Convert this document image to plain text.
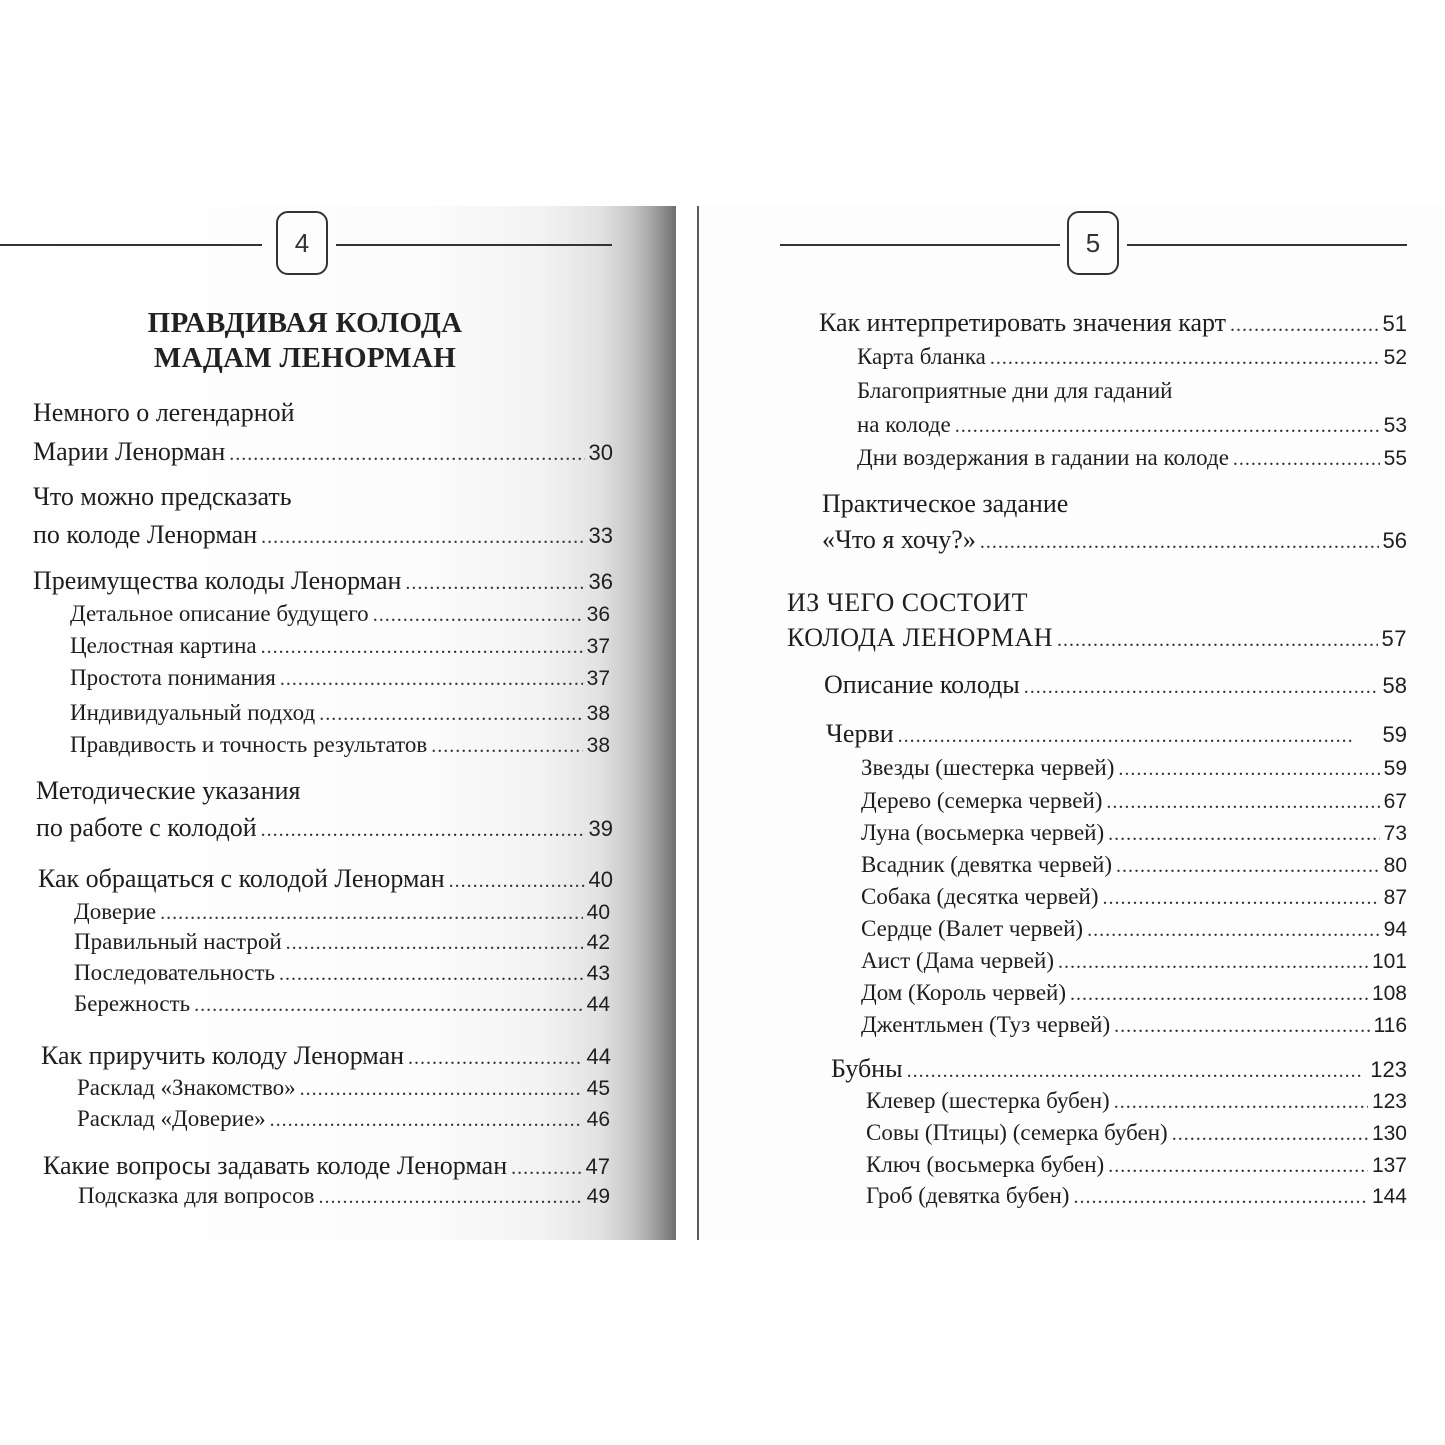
4
ПРАВДИВАЯ КОЛОДА
МАДАМ ЛЕНОРМАН
Немного о легендарной
Марии Ленорман . . .	30
Что можно предсказать
по колоде Ленорман . . .	33
Преимущества колоды Ленорман . . .	36
Детальное описание будущего . . .	36
Целостная картина . . .	37
Простота понимания . . .	37
Индивидуальный подход . . .	38
Правдивость и точность результатов . . .	38
Методические указания
по работе с колодой . . .	39
Как обращаться с колодой Ленорман . . .	40
Доверие . . .	40
Правильный настрой . . .	42
Последовательность . . .	43
Бережность . . .	44
Как приручить колоду Ленорман . . .	44
Расклад «Знакомство» . . .	45
Расклад «Доверие» . . .	46
Какие вопросы задавать колоде Ленорман . . .	47
Подсказка для вопросов . . .	49
5
Как интерпретировать значения карт . . .	51
Карта бланка . . .	52
Благоприятные дни для гаданий
на колоде . . .	53
Дни воздержания в гадании на колоде . . .	55
Практическое задание
«Что я хочу?» . . .	56
ИЗ ЧЕГО СОСТОИТ
КОЛОДА ЛЕНОРМАН . . .	57
Описание колоды . . .	58
Черви . . .	59
Звезды (шестерка червей) . . .	59
Дерево (семерка червей) . . .	67
Луна (восьмерка червей) . . .	73
Всадник (девятка червей) . . .	80
Собака (десятка червей) . . .	87
Сердце (Валет червей) . . .	94
Аист (Дама червей) . . .	101
Дом (Король червей) . . .	108
Джентльмен (Туз червей) . . .	116
Бубны . . .	123
Клевер (шестерка бубен) . . .	123
Совы (Птицы) (семерка бубен) . . .	130
Ключ (восьмерка бубен) . . .	137
Гроб (девятка бубен) . . .	144
